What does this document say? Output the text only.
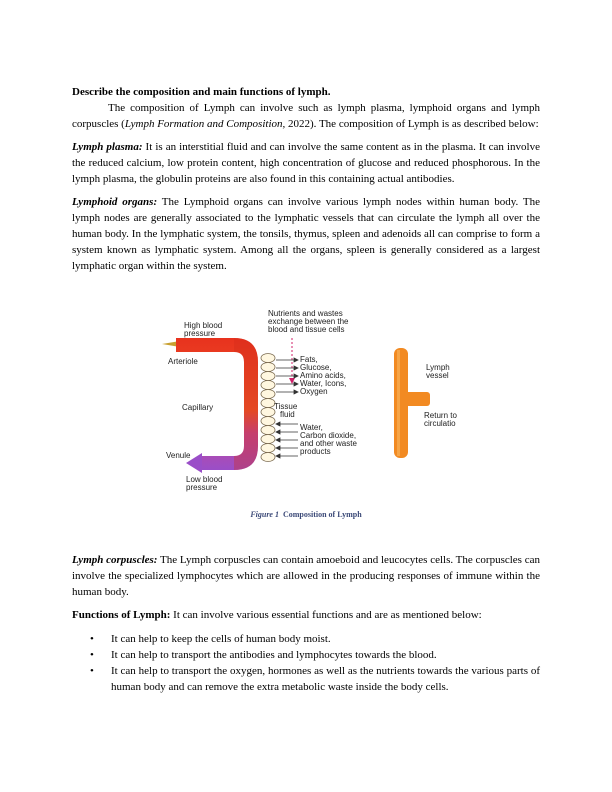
Describe the composition and main functions of lymph.

The composition of Lymph can involve such as lymph plasma, lymphoid organs and lymph corpuscles (Lymph Formation and Composition, 2022). The composition of Lymph is as described below:

Lymph plasma: It is an interstitial fluid and can involve the same content as in the plasma. It can involve the reduced calcium, low protein content, high concentration of glucose and reduced phosphorous. In the lymph plasma, the globulin proteins are also found in this containing actual antibodies.

Lymphoid organs: The Lymphoid organs can involve various lymph nodes within human body. The lymph nodes are generally associated to the lymphatic vessels that can circulate the lymph all over the human body. In the lymphatic system, the tonsils, thymus, spleen and adenoids all can comprise to form a system known as lymphatic system. Among all the organs, spleen is generally considered as a largest lymphatic organ within the system.

High blood
pressure
Arteriole
Capillary
Venule
Low blood
pressure
Nutrients and wastes
exchange between the
blood and tissue cells
Fats,
Glucose,
Amino acids,
Water, Icons,
Oxygen
Tissue
fluid
Water,
Carbon dioxide,
and other waste
products
Lymph
vessel
Return to
circulatio
Figure 1 Composition of Lymph

Lymph corpuscles: The Lymph corpuscles can contain amoeboid and leucocytes cells. The corpuscles can involve the specialized lymphocytes which are allowed in the producing responses of immune within the human body.

Functions of Lymph: It can involve various essential functions and are as mentioned below:

• It can help to keep the cells of human body moist.
• It can help to transport the antibodies and lymphocytes towards the blood.
• It can help to transport the oxygen, hormones as well as the nutrients towards the various parts of human body and can remove the extra metabolic waste inside the body cells.
